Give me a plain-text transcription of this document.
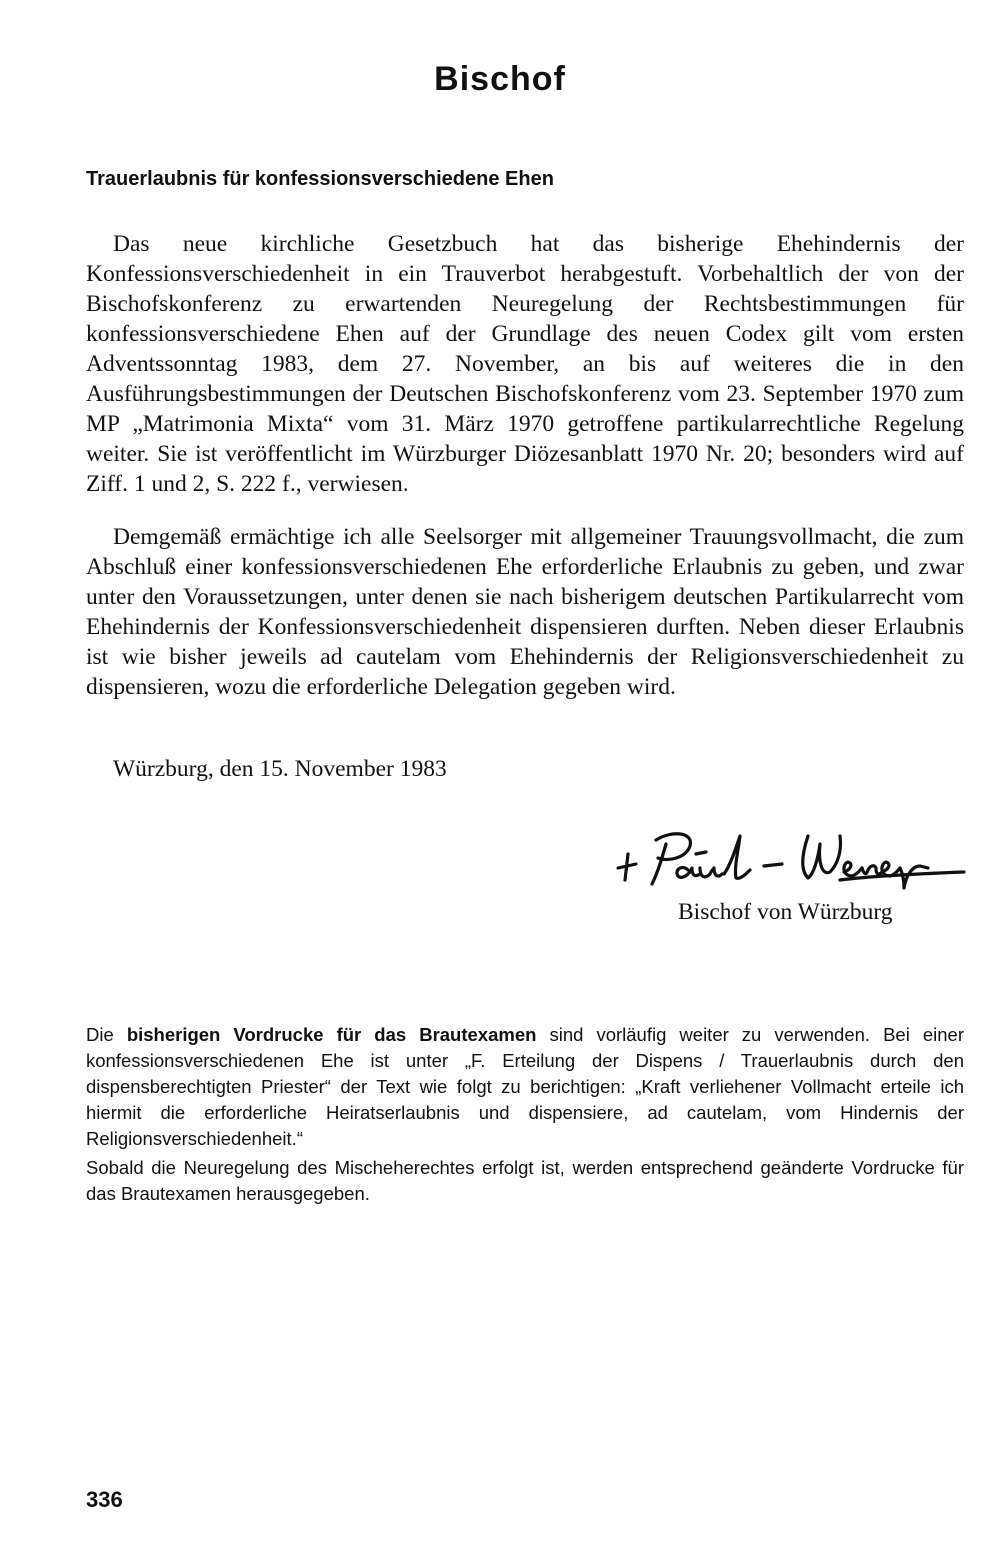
Bischof
Trauerlaubnis für konfessionsverschiedene Ehen

Das neue kirchliche Gesetzbuch hat das bisherige Ehehindernis der Konfessionsverschiedenheit in ein Trauverbot herabgestuft. Vorbehaltlich der von der Bischofskonferenz zu erwartenden Neuregelung der Rechtsbestimmungen für konfessionsverschiedene Ehen auf der Grundlage des neuen Codex gilt vom ersten Adventssonntag 1983, dem 27. November, an bis auf weiteres die in den Ausführungsbestimmungen der Deutschen Bischofskonferenz vom 23. September 1970 zum MP „Matrimonia Mixta“ vom 31. März 1970 getroffene partikularrechtliche Regelung weiter. Sie ist veröffentlicht im Würzburger Diözesanblatt 1970 Nr. 20; besonders wird auf Ziff. 1 und 2, S. 222 f., verwiesen.

Demgemäß ermächtige ich alle Seelsorger mit allgemeiner Trauungsvollmacht, die zum Abschluß einer konfessionsverschiedenen Ehe erforderliche Erlaubnis zu geben, und zwar unter den Voraussetzungen, unter denen sie nach bisherigem deutschen Partikularrecht vom Ehehindernis der Konfessionsverschiedenheit dispensieren durften. Neben dieser Erlaubnis ist wie bisher jeweils ad cautelam vom Ehehindernis der Religionsverschiedenheit zu dispensieren, wozu die erforderliche Delegation gegeben wird.

Würzburg, den 15. November 1983

Bischof von Würzburg

Die bisherigen Vordrucke für das Brautexamen sind vorläufig weiter zu verwenden. Bei einer konfessionsverschiedenen Ehe ist unter „F. Erteilung der Dispens / Trauerlaubnis durch den dispensberechtigten Priester“ der Text wie folgt zu berichtigen: „Kraft verliehener Vollmacht erteile ich hiermit die erforderliche Heiratserlaubnis und dispensiere, ad cautelam, vom Hindernis der Religionsverschiedenheit.“

Sobald die Neuregelung des Mischeherechtes erfolgt ist, werden entsprechend geänderte Vordrucke für das Brautexamen herausgegeben.

336
